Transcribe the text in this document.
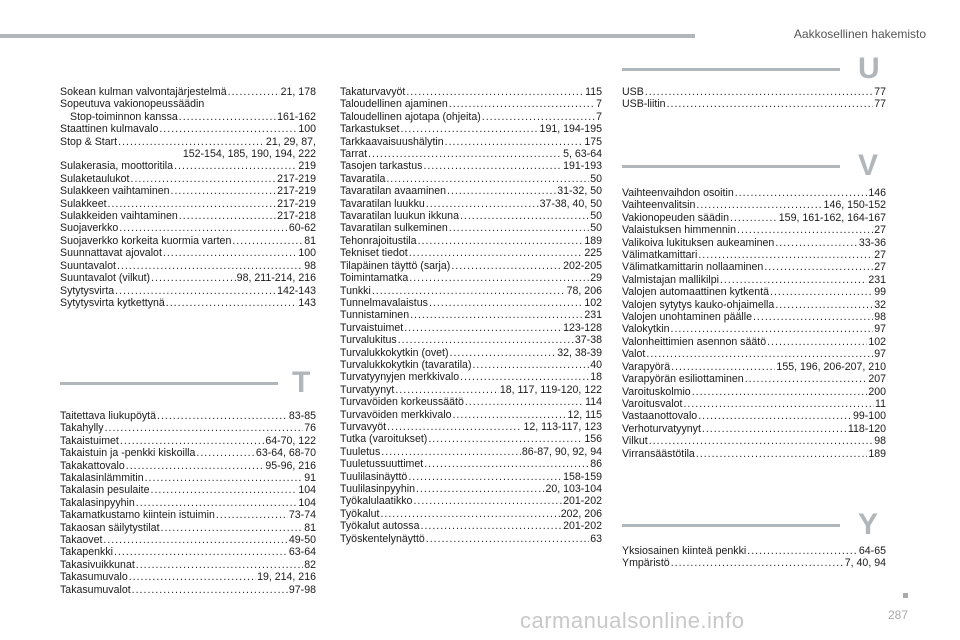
Aakkosellinen hakemisto
Sokean kulman valvontajärjestelmä .....	21, 178
Sopeutuva vakionopeussäädin
Stop-toiminnon kanssa .....	161-162
Staattinen kulmavalo .....	100
Stop & Start .....	21, 29, 87,
152-154, 185, 190, 194, 222
Sulakerasia, moottoritila .....	219
Sulaketaulukot .....	217-219
Sulakkeen vaihtaminen .....	217-219
Sulakkeet .....	217-219
Sulakkeiden vaihtaminen .....	217-218
Suojaverkko .....	60-62
Suojaverkko korkeita kuormia varten .....	81
Suunnattavat ajovalot .....	100
Suuntavalot .....	98
Suuntavalot (vilkut) .....	98, 211-214, 216
Sytytysvirta .....	142-143
Sytytysvirta kytkettynä .....	143
T
Taitettava liukupöytä .....	83-85
Takahylly .....	76
Takaistuimet .....	64-70, 122
Takaistuin ja -penkki kiskoilla .....	63-64, 68-70
Takakattovalo .....	95-96, 216
Takalasinlämmitin .....	91
Takalasin pesulaite .....	104
Takalasinpyyhin .....	104
Takamatkustamo kiintein istuimin .....	73-74
Takaosan säilytystilat .....	81
Takaovet .....	49-50
Takapenkki .....	63-64
Takasivuikkunat .....	82
Takasumuvalo .....	19, 214, 216
Takasumuvalot .....	97-98
Takaturvavyöt .....	115
Taloudellinen ajaminen .....	7
Taloudellinen ajotapa (ohjeita) .....	7
Tarkastukset .....	191, 194-195
Tarkkaavaisuushälytin .....	175
Tarrat .....	5, 63-64
Tasojen tarkastus .....	191-193
Tavaratila .....	50
Tavaratilan avaaminen .....	31-32, 50
Tavaratilan luukku .....	37-38, 40, 50
Tavaratilan luukun ikkuna .....	50
Tavaratilan sulkeminen .....	50
Tehonrajoitustila .....	189
Tekniset tiedot .....	225
Tilapäinen täyttö (sarja) .....	202-205
Toimintamatka .....	29
Tunkki .....	78, 206
Tunnelmavalaistus .....	102
Tunnistaminen .....	231
Turvaistuimet .....	123-128
Turvalukitus .....	37-38
Turvalukkokytkin (ovet) .....	32, 38-39
Turvalukkokytkin (tavaratila) .....	40
Turvatyynyjen merkkivalo .....	18
Turvatyynyt .....	18, 117, 119-120, 122
Turvavöiden korkeussäätö .....	114
Turvavöiden merkkivalo .....	12, 115
Turvavyöt .....	12, 113-117, 123
Tutka (varoitukset) .....	156
Tuuletus .....	86-87, 90, 92, 94
Tuuletussuuttimet .....	86
Tuulilasinäyttö .....	158-159
Tuulilasinpyyhin .....	20, 103-104
Työkalulaatikko .....	201-202
Työkalut .....	202, 206
Työkalut autossa .....	201-202
Työskentelynäyttö .....	63
U
USB .....	77
USB-liitin .....	77
V
Vaihteenvaihdon osoitin .....	146
Vaihteenvalitsin .....	146, 150-152
Vakionopeuden säädin .....	159, 161-162, 164-167
Valaistuksen himmennin .....	27
Valikoiva lukituksen aukeaminen .....	33-36
Välimatkamittari .....	27
Välimatkamittarin nollaaminen .....	27
Valmistajan mallikilpi .....	231
Valojen automaattinen kytkentä .....	99
Valojen sytytys kauko-ohjaimella .....	32
Valojen unohtaminen päälle .....	98
Valokytkin .....	97
Valonheittimien asennon säätö .....	102
Valot .....	97
Varapyörä .....	155, 196, 206-207, 210
Varapyörän esiliottaminen .....	207
Varoituskolmio .....	200
Varoitusvalot .....	11
Vastaanottovalo .....	99-100
Verhoturvatyynyt .....	118-120
Vilkut .....	98
Virransäästötila .....	189
Y
Yksiosainen kiinteä penkki .....	64-65
Ympäristö .....	7, 40, 94
287
carmanualsonline.info
